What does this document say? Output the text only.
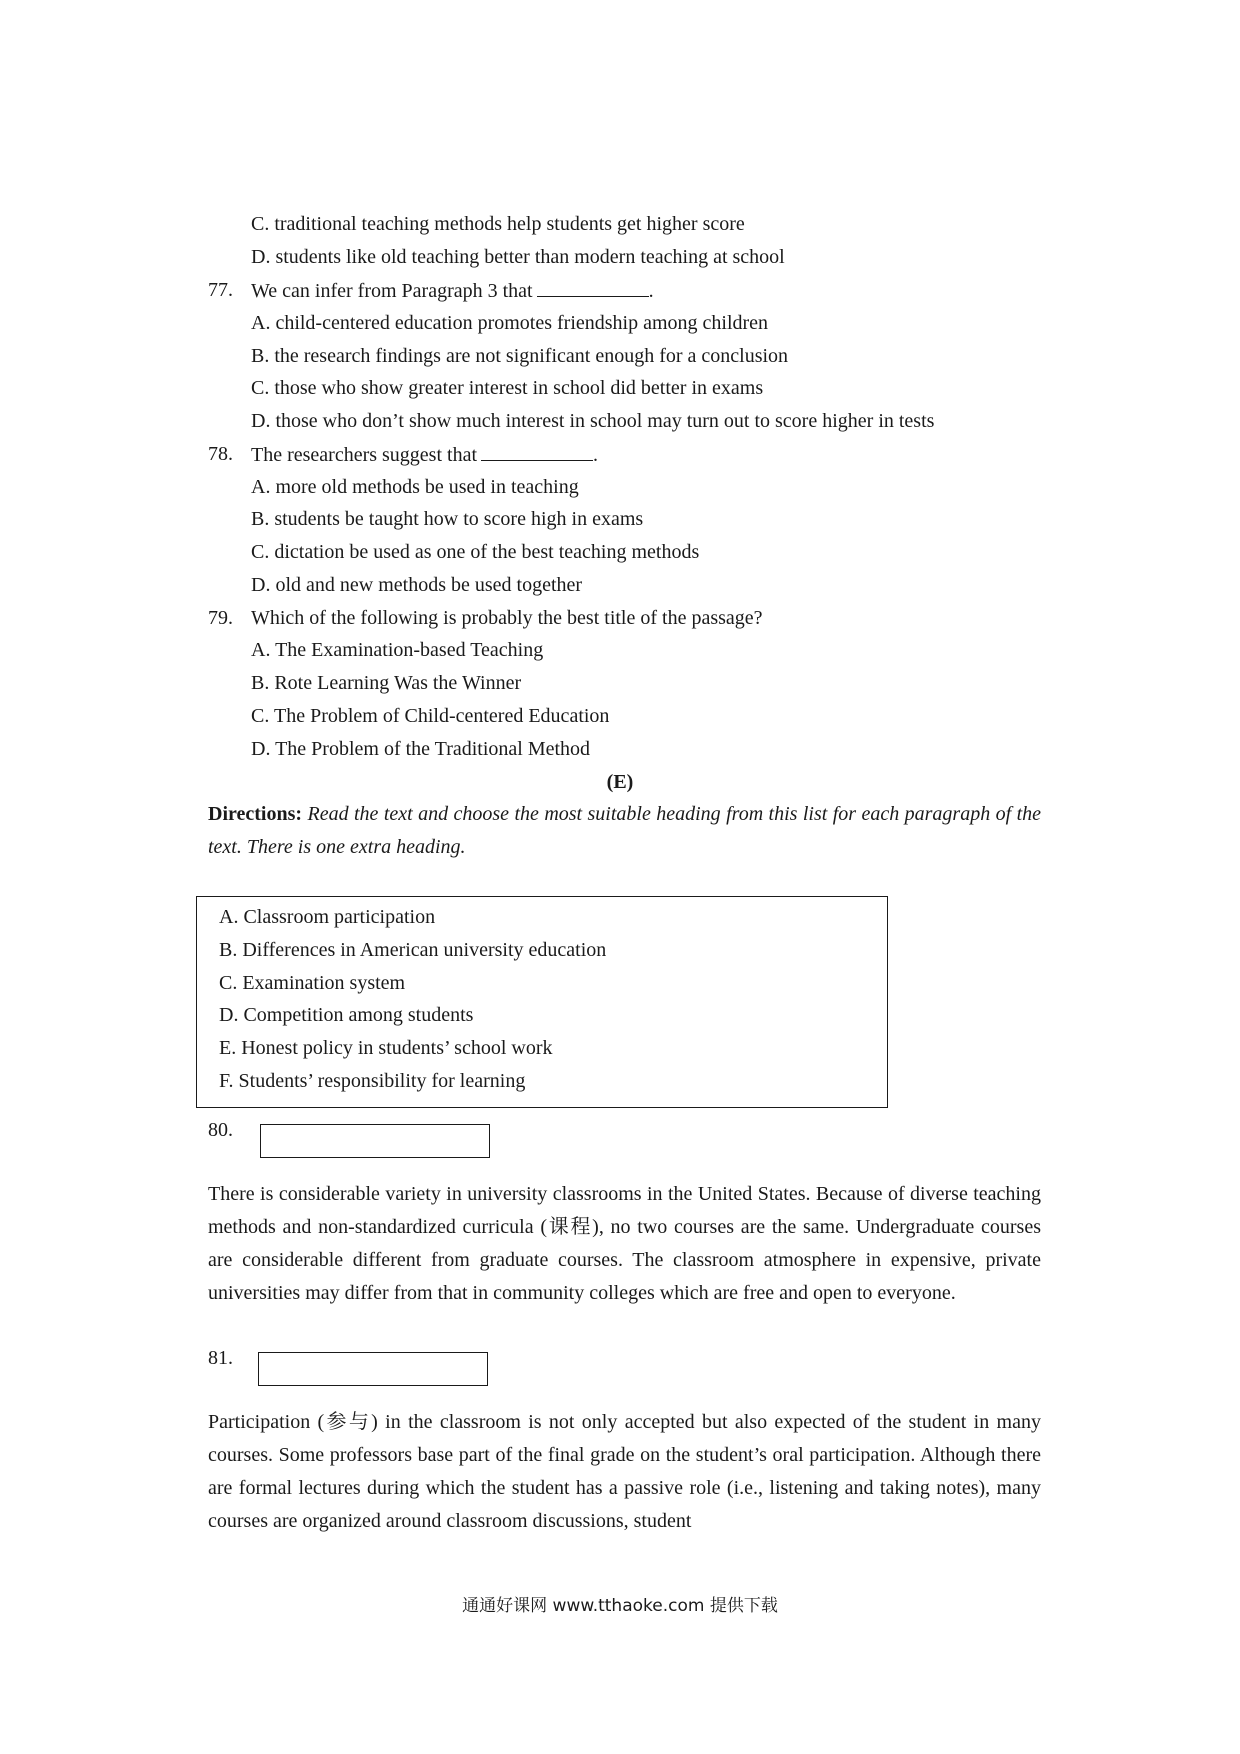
C. traditional teaching methods help students get higher score
D. students like old teaching better than modern teaching at school
77. We can infer from Paragraph 3 that	.
A. child-centered education promotes friendship among children
B. the research findings are not significant enough for a conclusion
C. those who show greater interest in school did better in exams
D. those who don’t show much interest in school may turn out to score higher in tests
78. The researchers suggest that	.
A. more old methods be used in teaching
B. students be taught how to score high in exams
C. dictation be used as one of the best teaching methods
D. old and new methods be used together
79. Which of the following is probably the best title of the passage?
A. The Examination-based Teaching
B. Rote Learning Was the Winner
C. The Problem of Child-centered Education
D. The Problem of the Traditional Method
(E)
Directions: Read the text and choose the most suitable heading from this list for each paragraph of the text. There is one extra heading.
A. Classroom participation
B. Differences in American university education
C. Examination system
D. Competition among students
E. Honest policy in students’ school work
F. Students’ responsibility for learning
80.
There is considerable variety in university classrooms in the United States. Because of diverse teaching methods and non-standardized curricula (课程), no two courses are the same. Undergraduate courses are considerable different from graduate courses. The classroom atmosphere in expensive, private universities may differ from that in community colleges which are free and open to everyone.
81.
Participation (参与) in the classroom is not only accepted but also expected of the student in many courses. Some professors base part of the final grade on the student’s oral participation. Although there are formal lectures during which the student has a passive role (i.e., listening and taking notes), many courses are organized around classroom discussions, student
通通好课网 www.tthaoke.com 提供下载
